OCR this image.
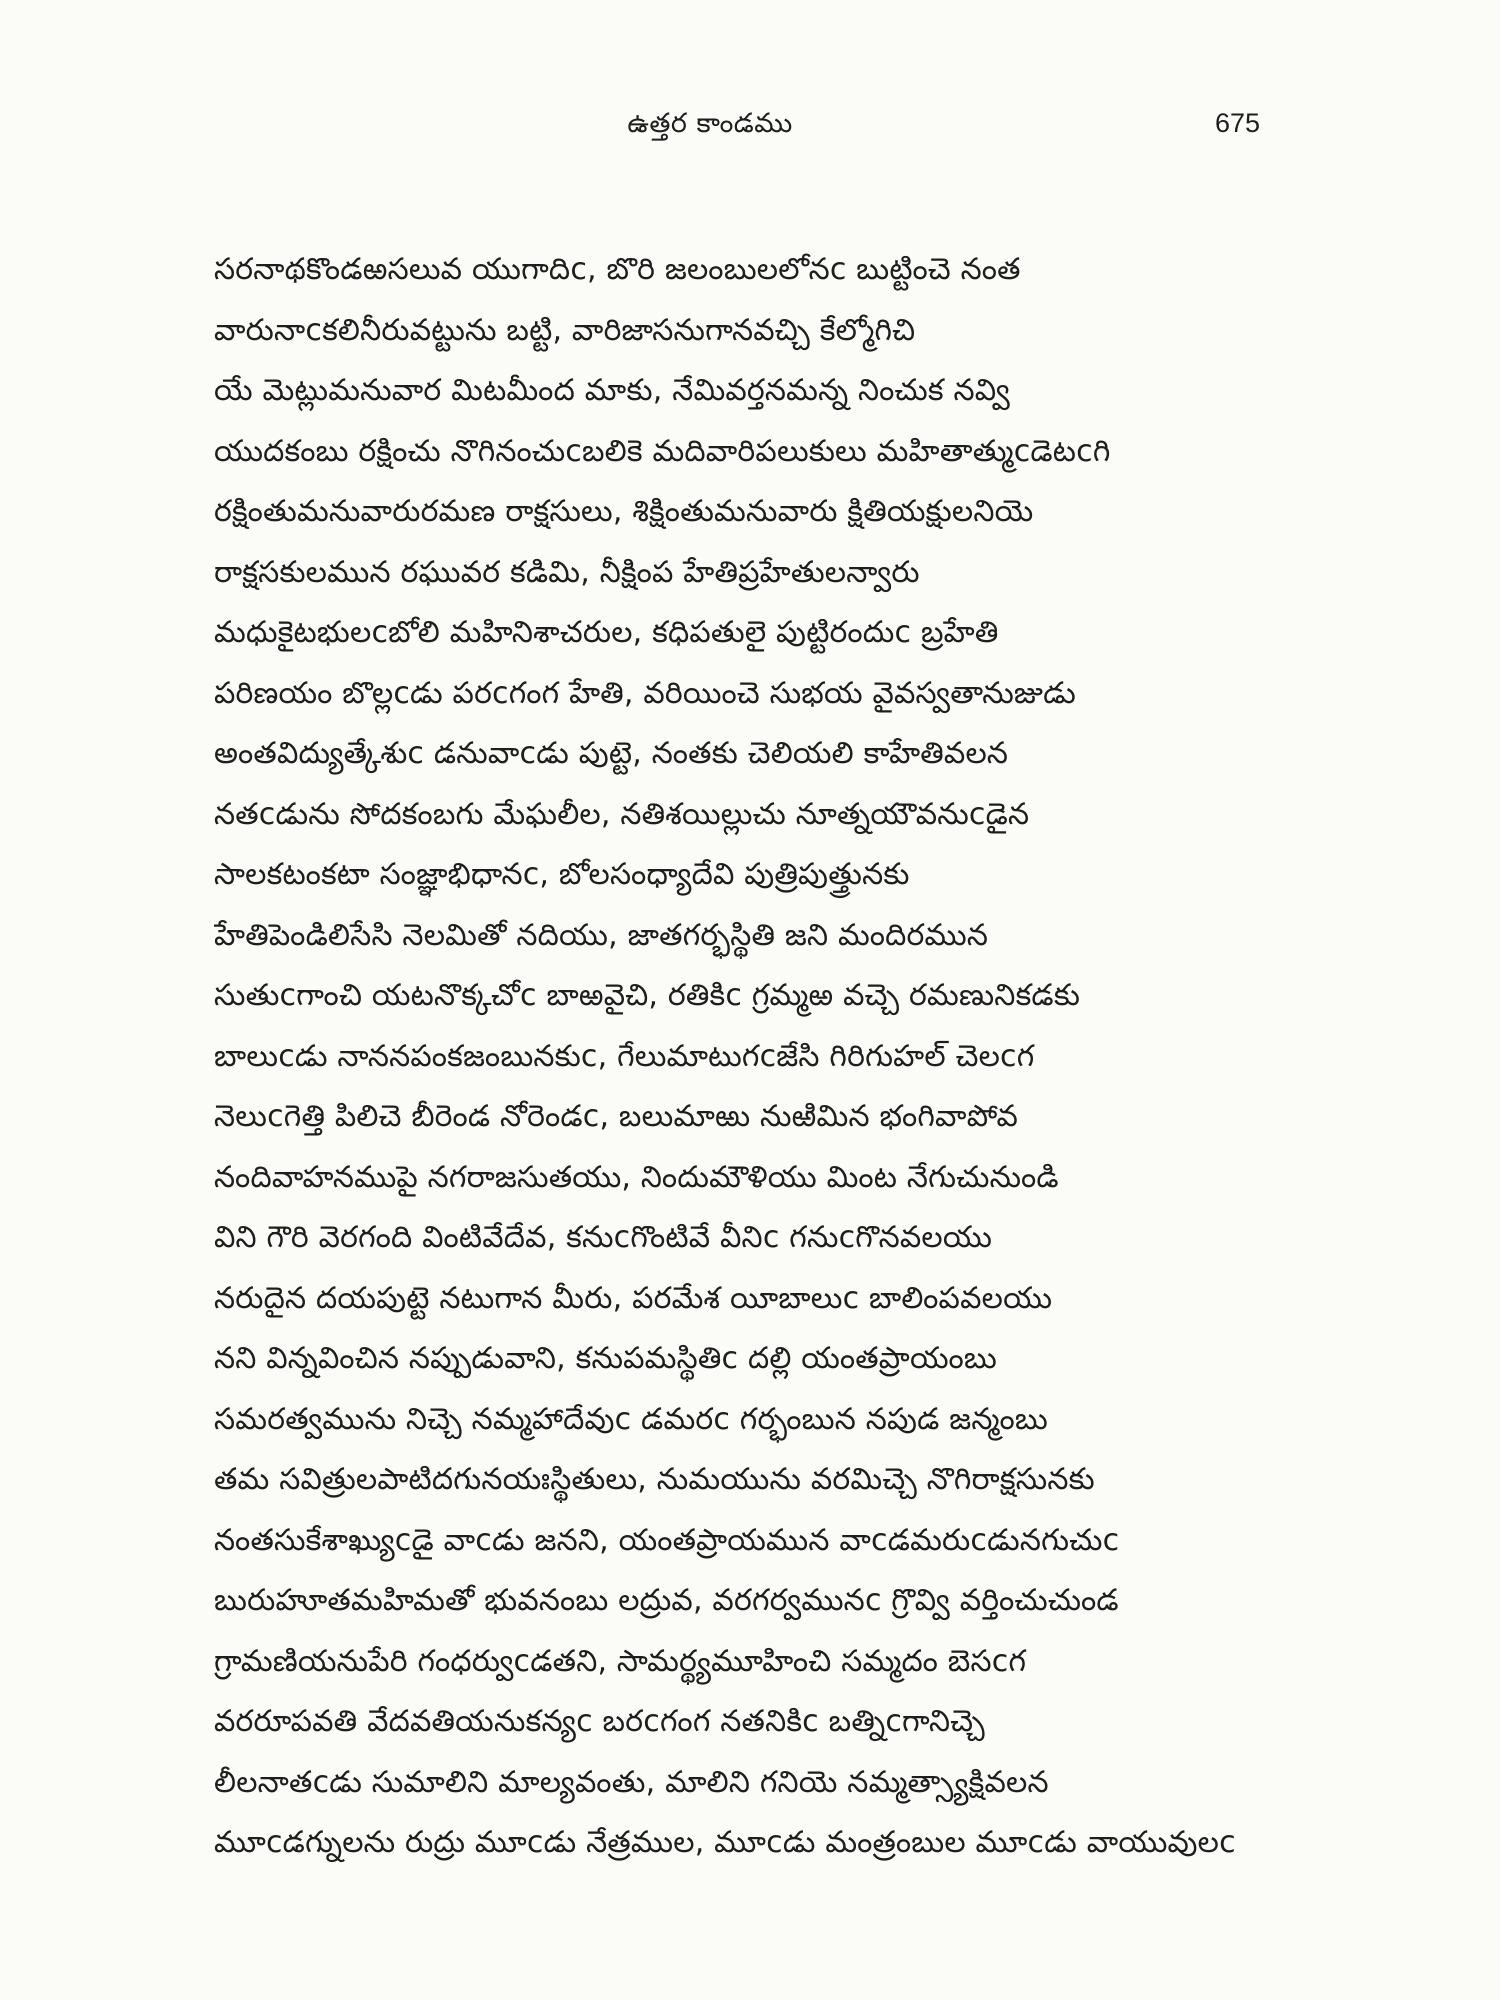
ఉత్తర కాండము	675
సరనాథకొండఱసలువ యుగాదిc, బొరి జలంబులలోనc బుట్టించె నంత
వారునాcకలినీరువట్టును బట్టి, వారిజాసనుగానవచ్చి కేల్మోగిచి
యే మెట్లుమనువార మిటమీంద మాకు, నేమివర్తనమన్న నించుక నవ్వి
యుదకంబు రక్షించు నొగినంచుcబలికె మదివారిపలుకులు మహితాత్ముcడెటcగి
రక్షింతుమనువారురమణ రాక్షసులు, శిక్షింతుమనువారు క్షితియక్షులనియె
రాక్షసకులమున రఘువర కడిమి, నీక్షింప హేతిప్రహేతులన్వారు
మధుకైటభులcబోలి మహినిశాచరుల, కధిపతులై పుట్టిరందుc బ్రహేతి
పరిణయం బొల్లcడు పరcగంగ హేతి, వరియించె సుభయ వైవస్వతానుజుడు
అంతవిద్యుత్కేశుc డనువాcడు పుట్టె, నంతకు చెలియలి కాహేతివలన
నతcడును సోదకంబగు మేఘలీల, నతిశయిల్లుచు నూత్నయౌవనుcడైన
సాలకటంకటా సంజ్ఞాభిధానc, బోలసంధ్యాదేవి పుత్రిపుత్త్రునకు
హేతిపెండిలిసేసి నెలమితో నదియు, జాతగర్భస్థితి జని మందిరమున
సుతుcగాంచి యటనొక్కచోc బాఱవైచి, రతికిc గ్రమ్మఱ వచ్చె రమణునికడకు
బాలుcడు నాననపంకజంబునకుc, గేలుమాటుగcజేసి గిరిగుహల్ చెలcగ
నెలుcగెత్తి పిలిచె బీరెండ నోరెండc, బలుమాఱు నుఱిమిన భంగివాపోవ
నందివాహనముపై నగరాజసుతయు, నిందుమౌళియు మింట నేగుచునుండి
విని గౌరి వెరగంది వింటివేదేవ, కనుcగొంటివే వీనిc గనుcగొనవలయు
నరుదైన దయపుట్టె నటుగాన మీరు, పరమేశ యీబాలుc బాలింపవలయు
నని విన్నవించిన నప్పుడువాని, కనుపమస్థితిc దల్లి యంతప్రాయంబు
సమరత్వమును నిచ్చె నమ్మహాదేవుc డమరc గర్భంబున నపుడ జన్మంబు
తమ సవిత్రులపాటిదగునయఃస్థితులు, నుమయును వరమిచ్చె నొగిరాక్షసునకు
నంతసుకేశాఖ్యుcడై వాcడు జనని, యంతప్రాయమున వాcడమరుcడునగుచుc
బురుహూతమహిమతో భువనంబు లద్రువ, వరగర్వమునc గ్రొవ్వి వర్తించుచుండ
గ్రామణియనుపేరి గంధర్వుcడతని, సామర్థ్యమూహించి సమ్మదం బెసcగ
వరరూపవతి వేదవతియనుకన్యc బరcగంగ నతనికిc బత్నిcగానిచ్చె
లీలనాతcడు సుమాలిని మాల్యవంతు, మాలిని గనియె నమ్మత్స్యాక్షివలన
మూcడగ్నులను రుద్రు మూcడు నేత్రముల, మూcడు మంత్రంబుల మూcడు వాయువులc
